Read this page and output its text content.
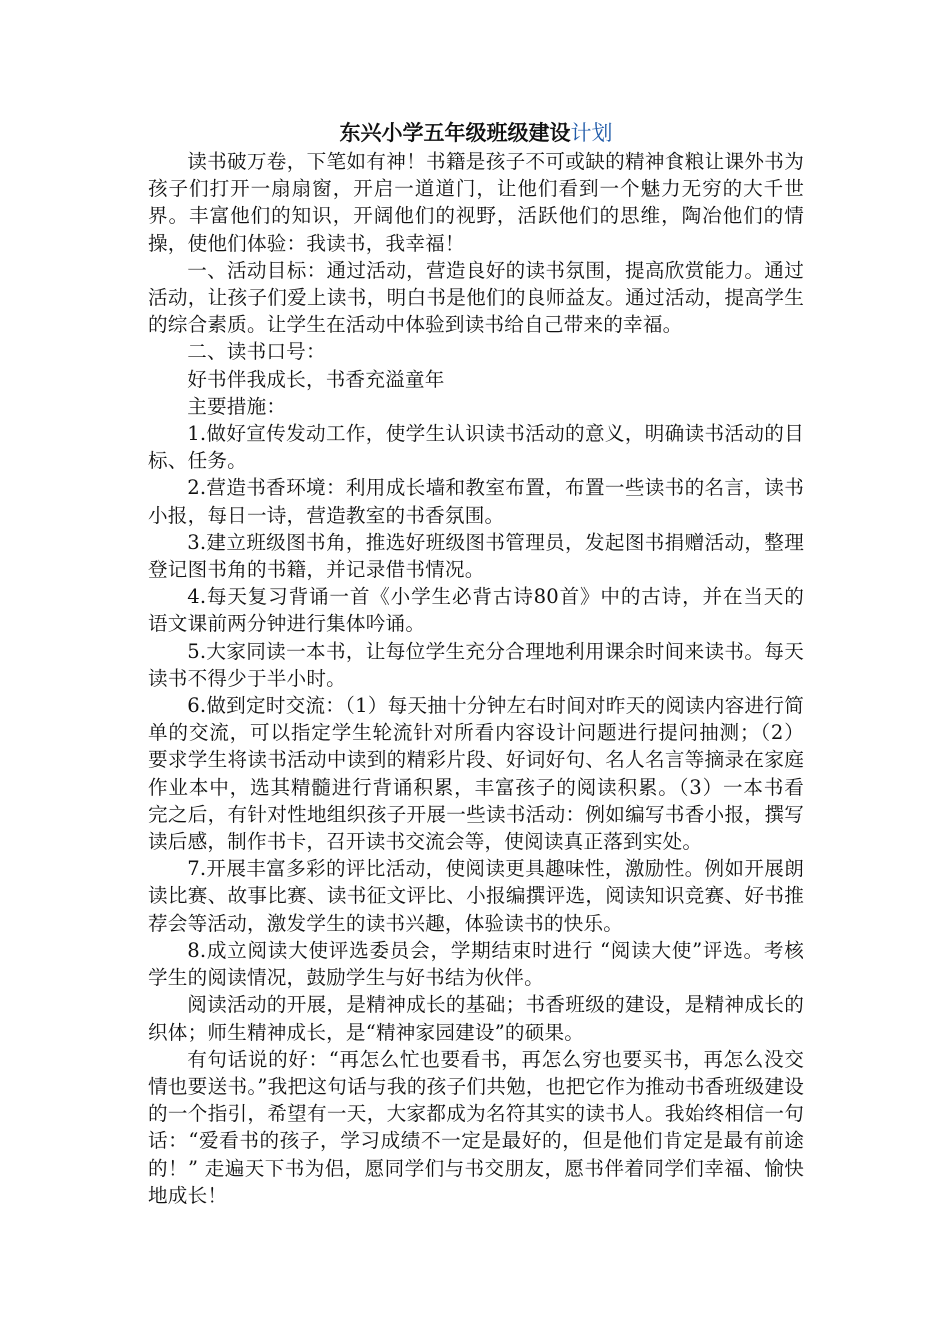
东兴小学五年级班级建设计划

读书破万卷，下笔如有神！书籍是孩子不可或缺的精神食粮让课外书为孩子们打开一扇扇窗，开启一道道门，让他们看到一个魅力无穷的大千世界。丰富他们的知识，开阔他们的视野，活跃他们的思维，陶冶他们的情操，使他们体验：我读书，我幸福！

一、活动目标：通过活动，营造良好的读书氛围，提高欣赏能力。通过活动，让孩子们爱上读书，明白书是他们的良师益友。通过活动，提高学生的综合素质。让学生在活动中体验到读书给自己带来的幸福。

二、读书口号：

好书伴我成长，书香充溢童年

主要措施：

1.做好宣传发动工作，使学生认识读书活动的意义，明确读书活动的目标、任务。

2.营造书香环境：利用成长墙和教室布置，布置一些读书的名言，读书小报，每日一诗，营造教室的书香氛围。

3.建立班级图书角，推选好班级图书管理员，发起图书捐赠活动，整理登记图书角的书籍，并记录借书情况。

4.每天复习背诵一首《小学生必背古诗80首》中的古诗，并在当天的语文课前两分钟进行集体吟诵。

5.大家同读一本书，让每位学生充分合理地利用课余时间来读书。每天读书不得少于半小时。

6.做到定时交流：（1）每天抽十分钟左右时间对昨天的阅读内容进行简单的交流，可以指定学生轮流针对所看内容设计问题进行提问抽测；（2）要求学生将读书活动中读到的精彩片段、好词好句、名人名言等摘录在家庭作业本中，选其精髓进行背诵积累，丰富孩子的阅读积累。（3）一本书看完之后，有针对性地组织孩子开展一些读书活动：例如编写书香小报，撰写读后感，制作书卡，召开读书交流会等，使阅读真正落到实处。

7.开展丰富多彩的评比活动，使阅读更具趣味性，激励性。例如开展朗读比赛、故事比赛、读书征文评比、小报编撰评选，阅读知识竞赛、好书推荐会等活动，激发学生的读书兴趣，体验读书的快乐。

8.成立阅读大使评选委员会，学期结束时进行 “阅读大使”评选。考核学生的阅读情况，鼓励学生与好书结为伙伴。

阅读活动的开展，是精神成长的基础；书香班级的建设，是精神成长的织体；师生精神成长，是“精神家园建设”的硕果。

有句话说的好：“再怎么忙也要看书，再怎么穷也要买书，再怎么没交情也要送书。”我把这句话与我的孩子们共勉，也把它作为推动书香班级建设的一个指引，希望有一天，大家都成为名符其实的读书人。我始终相信一句话：“爱看书的孩子，学习成绩不一定是最好的，但是他们肯定是最有前途的！” 走遍天下书为侣，愿同学们与书交朋友，愿书伴着同学们幸福、愉快地成长！
